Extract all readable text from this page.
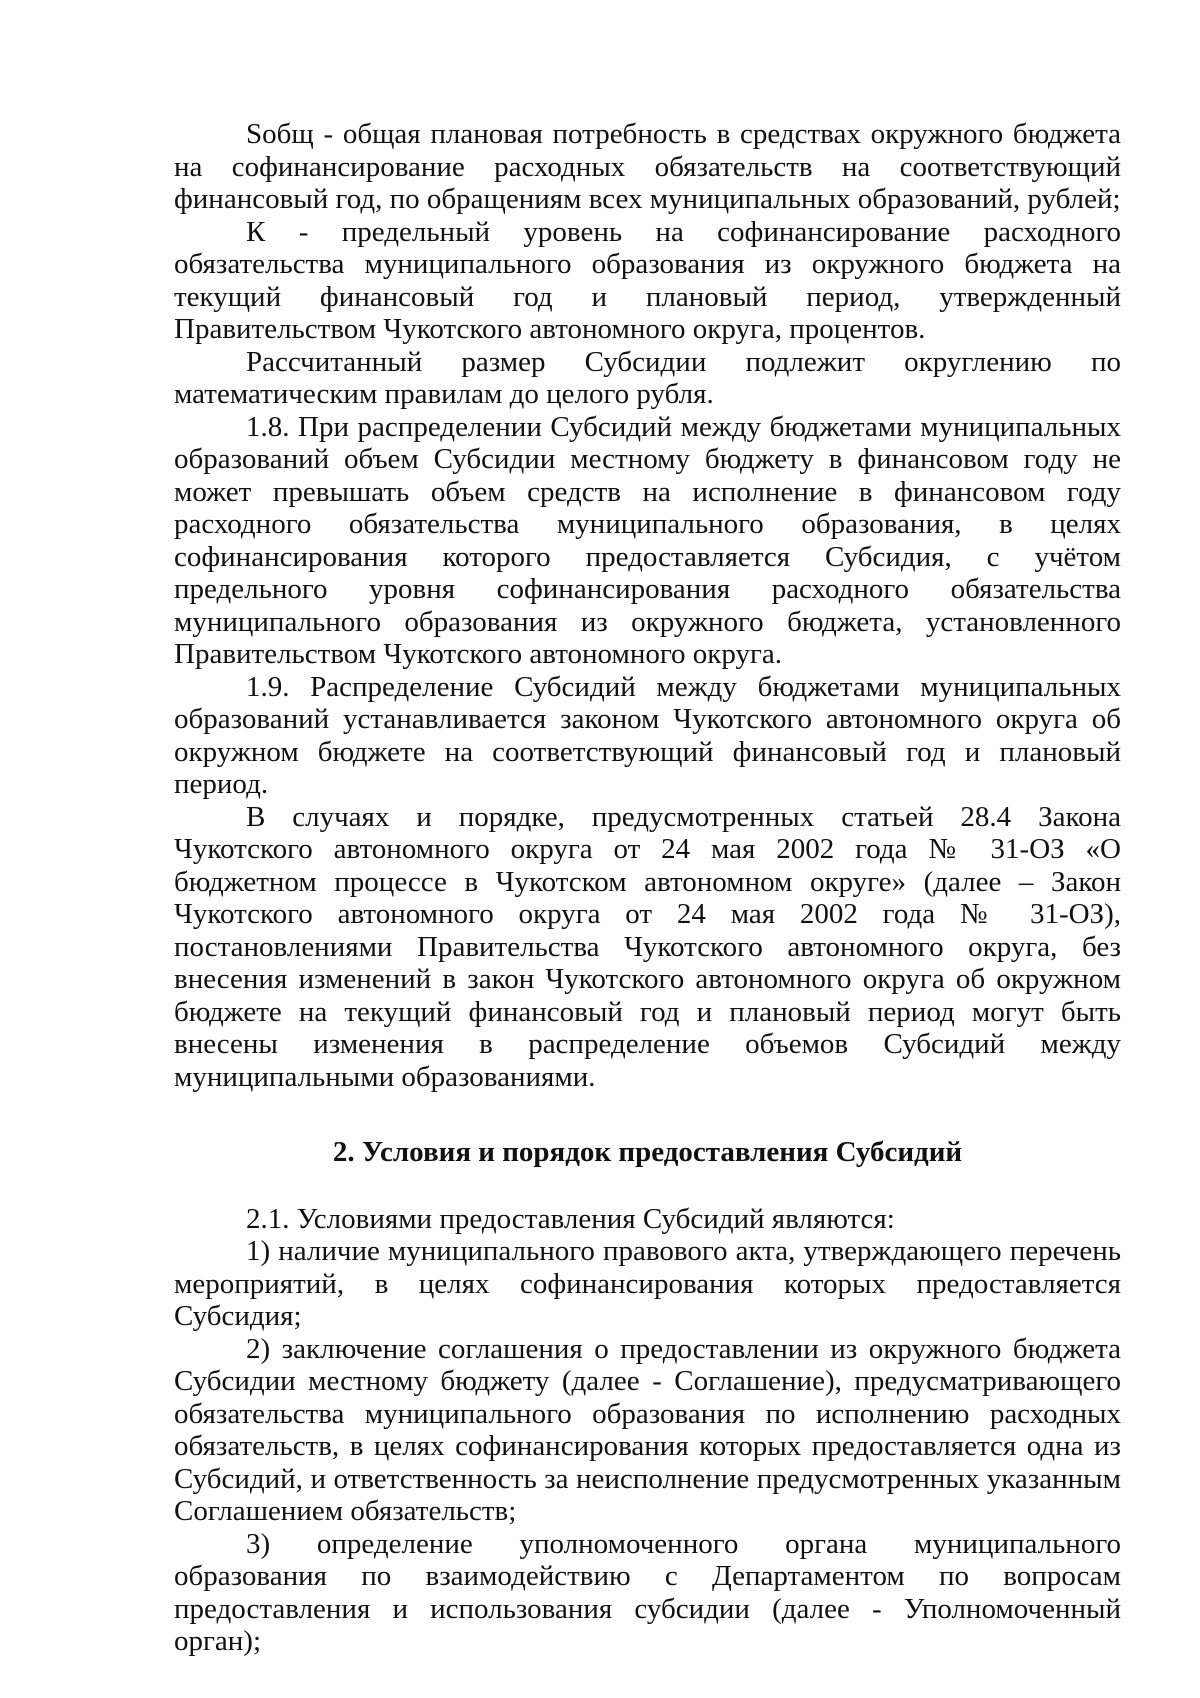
Sобщ - общая плановая потребность в средствах окружного бюджета на софинансирование расходных обязательств на соответствующий финансовый год, по обращениям всех муниципальных образований, рублей;

К - предельный уровень на софинансирование расходного обязательства муниципального образования из окружного бюджета на текущий финансовый год и плановый период, утвержденный Правительством Чукотского автономного округа, процентов.

Рассчитанный размер Субсидии подлежит округлению по математическим правилам до целого рубля.

1.8. При распределении Субсидий между бюджетами муниципальных образований объем Субсидии местному бюджету в финансовом году не может превышать объем средств на исполнение в финансовом году расходного обязательства муниципального образования, в целях софинансирования которого предоставляется Субсидия, с учётом предельного уровня софинансирования расходного обязательства муниципального образования из окружного бюджета, установленного Правительством Чукотского автономного округа.

1.9. Распределение Субсидий между бюджетами муниципальных образований устанавливается законом Чукотского автономного округа об окружном бюджете на соответствующий финансовый год и плановый период.

В случаях и порядке, предусмотренных статьей 28.4 Закона Чукотского автономного округа от 24 мая 2002 года № 31-ОЗ «О бюджетном процессе в Чукотском автономном округе» (далее – Закон Чукотского автономного округа от 24 мая 2002 года № 31-ОЗ), постановлениями Правительства Чукотского автономного округа, без внесения изменений в закон Чукотского автономного округа об окружном бюджете на текущий финансовый год и плановый период могут быть внесены изменения в распределение объемов Субсидий между муниципальными образованиями.

2. Условия и порядок предоставления Субсидий

2.1. Условиями предоставления Субсидий являются:

1) наличие муниципального правового акта, утверждающего перечень мероприятий, в целях софинансирования которых предоставляется Субсидия;

2) заключение соглашения о предоставлении из окружного бюджета Субсидии местному бюджету (далее - Соглашение), предусматривающего обязательства муниципального образования по исполнению расходных обязательств, в целях софинансирования которых предоставляется одна из Субсидий, и ответственность за неисполнение предусмотренных указанным Соглашением обязательств;

3) определение уполномоченного органа муниципального образования по взаимодействию с Департаментом по вопросам предоставления и использования субсидии (далее - Уполномоченный орган);
